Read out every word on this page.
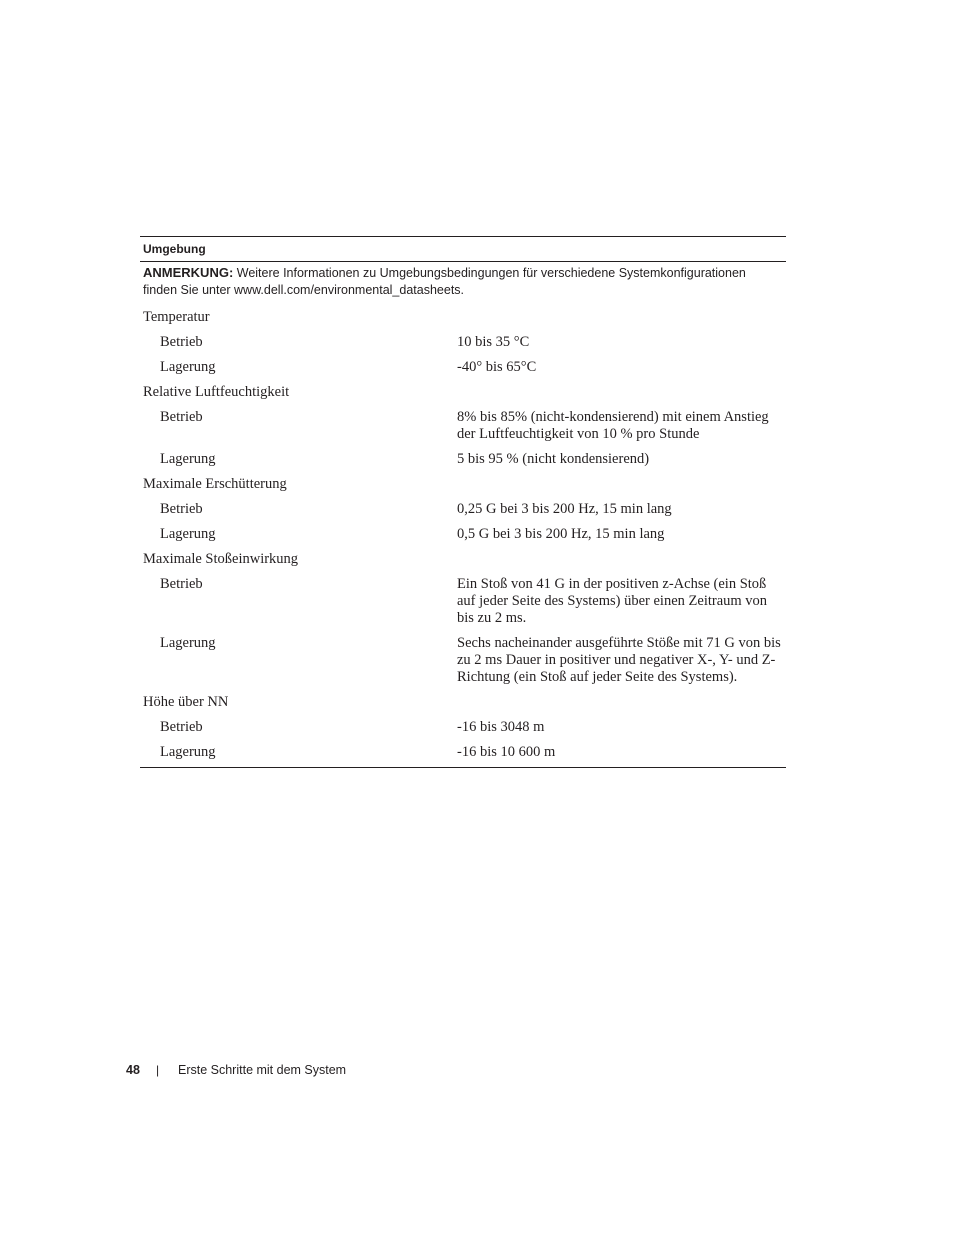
Umgebung
ANMERKUNG: Weitere Informationen zu Umgebungsbedingungen für verschiedene Systemkonfigurationen finden Sie unter www.dell.com/environmental_datasheets.
Temperatur
Betrieb	10 bis 35 °C
Lagerung	-40° bis 65°C
Relative Luftfeuchtigkeit
Betrieb	8% bis 85% (nicht-kondensierend) mit einem Anstieg der Luftfeuchtigkeit von 10 % pro Stunde
Lagerung	5 bis 95 % (nicht kondensierend)
Maximale Erschütterung
Betrieb	0,25 G bei 3 bis 200 Hz, 15 min lang
Lagerung	0,5 G bei 3 bis 200 Hz, 15 min lang
Maximale Stoßeinwirkung
Betrieb	Ein Stoß von 41 G in der positiven z-Achse (ein Stoß auf jeder Seite des Systems) über einen Zeitraum von bis zu 2 ms.
Lagerung	Sechs nacheinander ausgeführte Stöße mit 71 G von bis zu 2 ms Dauer in positiver und negativer X-, Y- und Z-Richtung (ein Stoß auf jeder Seite des Systems).
Höhe über NN
Betrieb	-16 bis 3048 m
Lagerung	-16 bis 10 600 m
48	|	Erste Schritte mit dem System
